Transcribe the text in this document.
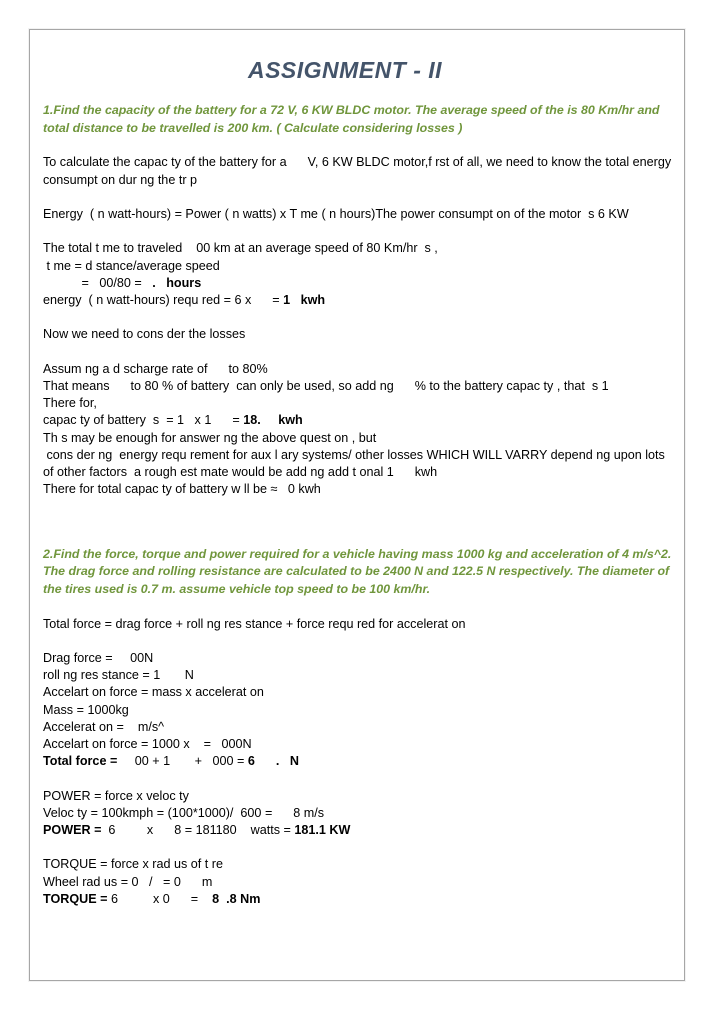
ASSIGNMENT - II
1.Find the capacity of the battery for a 72 V, 6 KW BLDC motor. The average speed of the is 80 Km/hr and total distance to be travelled is 200 km. ( Calculate considering losses )
To calculate the capac ty of the battery for a      V, 6 KW BLDC motor,f rst of all, we need to know the total energy consumpt on dur ng the tr p
Energy  ( n watt-hours) = Power ( n watts) x T me ( n hours)The power consumpt on of the motor  s 6 KW
The total t me to traveled    00 km at an average speed of 80 Km/hr  s ,
t me = d stance/average speed
=   00/80 =   .   hours
energy  ( n watt-hours) requ red = 6 x      = 1   kwh
Now we need to cons der the losses
Assum ng a d scharge rate of      to 80%
That means      to 80 % of battery  can only be used, so add ng      % to the battery capac ty , that  s 1
There for,
capac ty of battery  s  = 1   x 1      = 18.     kwh
Th s may be enough for answer ng the above quest on , but
cons der ng  energy requ rement for aux l ary systems/ other losses WHICH WILL VARRY depend ng upon lots of other factors  a rough est mate would be add ng add t onal 1      kwh
There for total capac ty of battery w ll be ≈   0 kwh
2.Find the force, torque and power required for a vehicle having mass 1000 kg and acceleration of 4 m/s^2. The drag force and rolling resistance are calculated to be 2400 N and 122.5 N respectively. The diameter of the tires used is 0.7 m. assume vehicle top speed to be 100 km/hr.
Total force = drag force + roll ng res stance + force requ red for accelerat on
Drag force =     00N
roll ng res stance = 1       N
Accelart on force = mass x accelerat on
Mass = 1000kg
Accelerat on =    m/s^
Accelart on force = 1000 x    =   000N
Total force =     00 + 1       +   000 = 6      .   N
POWER = force x veloc ty
Veloc ty = 100kmph = (100*1000)/  600 =      8 m/s
POWER =  6         x      8 = 181180    watts = 181.1 KW
TORQUE = force x rad us of t re
Wheel rad us = 0   /   = 0      m
TORQUE = 6          x 0      =    8  .8 Nm
